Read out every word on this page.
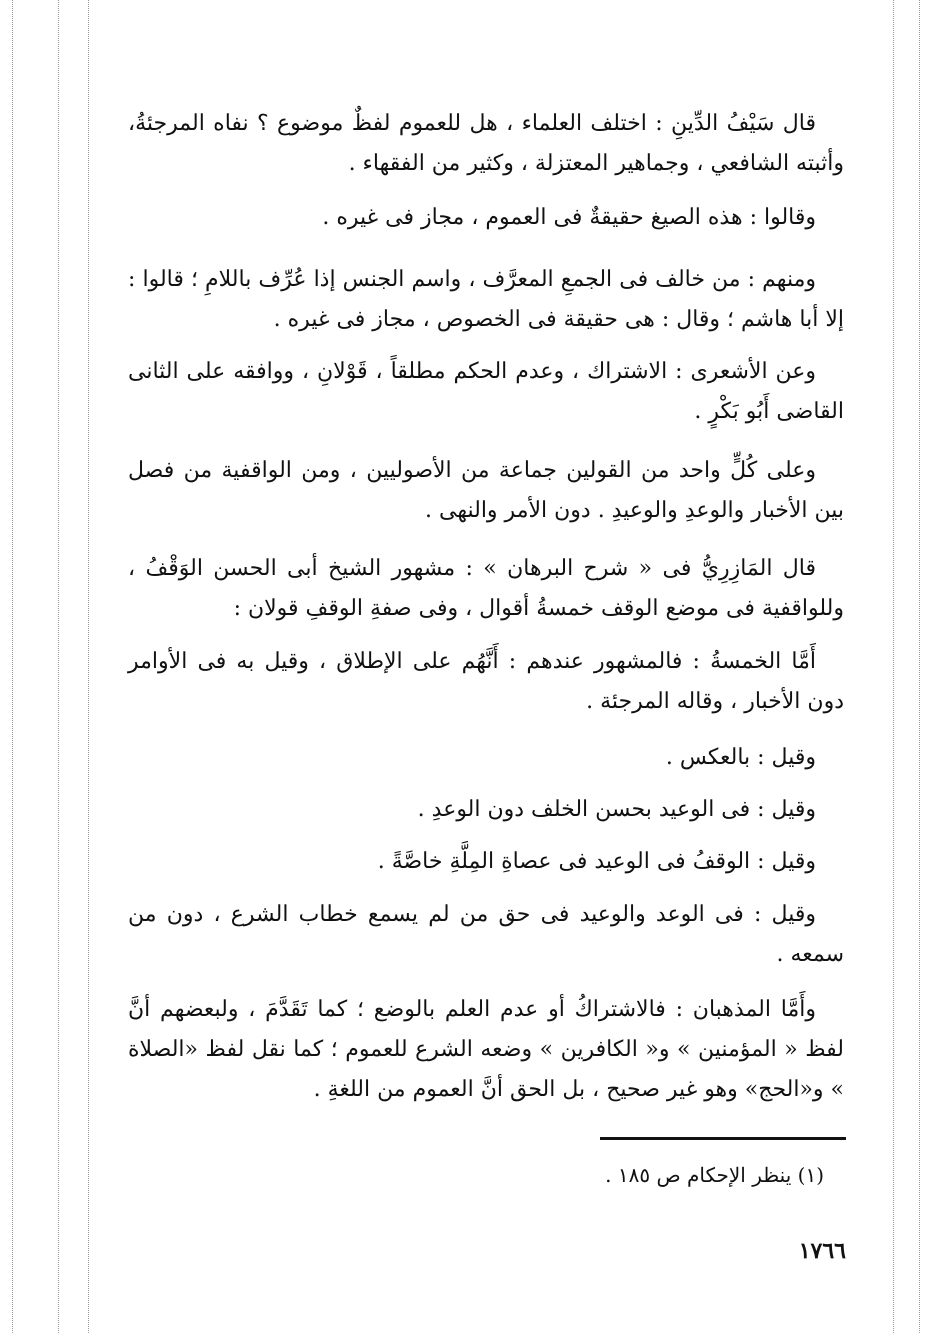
قال سَيْفُ الدِّينِ : اختلف العلماء ، هل للعموم لفظٌ موضوع ؟ نفاه المرجئةُ، وأثبته الشافعي ، وجماهير المعتزلة ، وكثير من الفقهاء .

وقالوا : هذه الصيغ حقيقةٌ فى العموم ، مجاز فى غيره .

ومنهم : من خالف فى الجمعِ المعرَّف ، واسم الجنس إذا عُرِّف باللامِ ؛ قالوا : إلا أبا هاشم ؛ وقال : هى حقيقة فى الخصوص ، مجاز فى غيره .

وعن الأشعرى : الاشتراك ، وعدم الحكم مطلقاً ، قَوْلانِ ، ووافقه على الثانى القاضى أَبُو بَكْرٍ .

وعلى كُلٍّ واحد من القولين جماعة من الأصوليين ، ومن الواقفية من فصل بين الأخبار والوعدِ والوعيدِ . دون الأمر والنهى .

قال المَازِرِيُّ فى « شرح البرهان » : مشهور الشيخ أبى الحسن الوَقْفُ ، وللواقفية فى موضع الوقف خمسةُ أقوال ، وفى صفةِ الوقفِ قولان :

أَمَّا الخمسةُ : فالمشهور عندهم : أَنَّهُم على الإطلاق ، وقيل به فى الأوامر دون الأخبار ، وقاله المرجئة .

وقيل : بالعكس .

وقيل : فى الوعيد بحسن الخلف دون الوعدِ .

وقيل : الوقفُ فى الوعيد فى عصاةِ المِلَّةِ خاصَّةً .

وقيل : فى الوعد والوعيد فى حق من لم يسمع خطاب الشرع ، دون من سمعه .

وأَمَّا المذهبان : فالاشتراكُ أو عدم العلم بالوضع ؛ كما تَقَدَّمَ ، ولبعضهم أنَّ لفظ « المؤمنين » و« الكافرين » وضعه الشرع للعموم ؛ كما نقل لفظ «الصلاة » و«الحج» وهو غير صحيح ، بل الحق أنَّ العموم من اللغةِ .

(١) ينظر الإحكام ص ١٨٥ .
١٧٦٦
